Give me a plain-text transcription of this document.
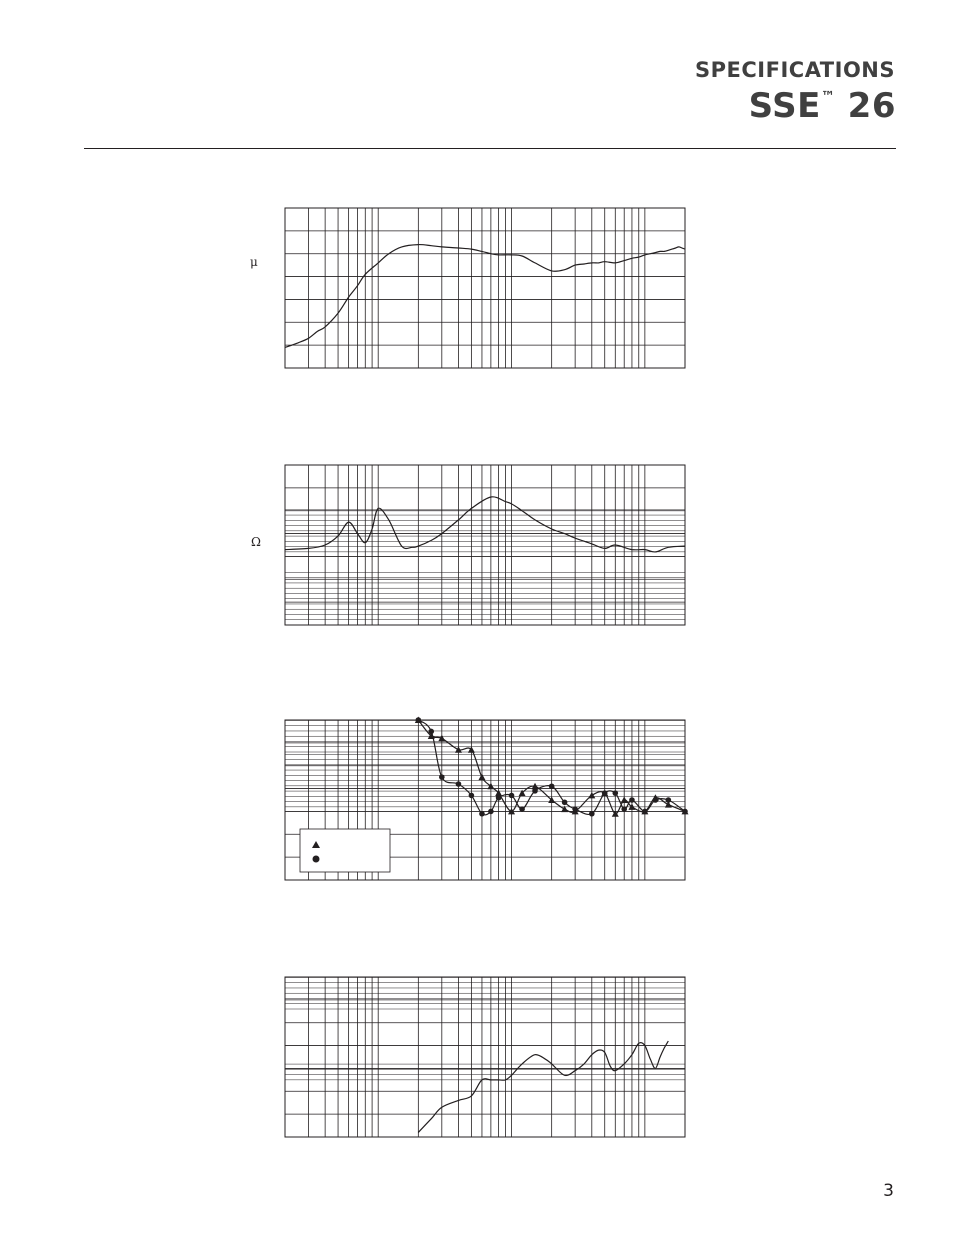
SPECIFICATIONS
SSE™ 26
μ
Ω
3
